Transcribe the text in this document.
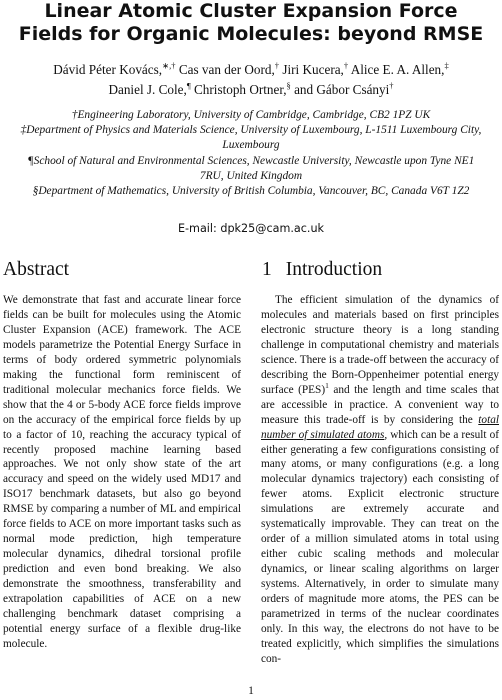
Linear Atomic Cluster Expansion Force Fields for Organic Molecules: beyond RMSE
Dávid Péter Kovács,∗,† Cas van der Oord,† Jiri Kucera,† Alice E. A. Allen,‡
Daniel J. Cole,¶ Christoph Ortner,§ and Gábor Csányi†

†Engineering Laboratory, University of Cambridge, Cambridge, CB2 1PZ UK

‡Department of Physics and Materials Science, University of Luxembourg, L-1511 Luxembourg City, Luxembourg

¶School of Natural and Environmental Sciences, Newcastle University, Newcastle upon Tyne NE1 7RU, United Kingdom

§Department of Mathematics, University of British Columbia, Vancouver, BC, Canada V6T 1Z2

E-mail: dpk25@cam.ac.uk
Abstract	1 Introduction

We demonstrate that fast and accurate linear force fields can be built for molecules using the Atomic Cluster Expansion (ACE) framework. The ACE models parametrize the Potential Energy Surface in terms of body ordered symmetric polynomials making the functional form reminiscent of traditional molecular mechanics force fields. We show that the 4 or 5-body ACE force fields improve on the accuracy of the empirical force fields by up to a factor of 10, reaching the accuracy typical of recently proposed machine learning based approaches. We not only show state of the art accuracy and speed on the widely used MD17 and ISO17 benchmark datasets, but also go beyond RMSE by comparing a number of ML and empirical force fields to ACE on more important tasks such as normal mode prediction, high temperature molecular dynamics, dihedral torsional profile prediction and even bond breaking. We also demonstrate the smoothness, transferability and extrapolation capabilities of ACE on a new challenging benchmark dataset comprising a potential energy surface of a flexible drug-like molecule.

The efficient simulation of the dynamics of molecules and materials based on first principles electronic structure theory is a long standing challenge in computational chemistry and materials science. There is a trade-off between the accuracy of describing the Born-Oppenheimer potential energy surface (PES)$^1$ and the length and time scales that are accessible in practice. A convenient way to measure this trade-off is by considering the total number of simulated atoms, which can be a result of either generating a few configurations consisting of many atoms, or many configurations (e.g. a long molecular dynamics trajectory) each consisting of fewer atoms. Explicit electronic structure simulations are extremely accurate and systematically improvable. They can treat on the order of a million simulated atoms in total using either cubic scaling methods and molecular dynamics, or linear scaling algorithms on larger systems. Alternatively, in order to simulate many orders of magnitude more atoms, the PES can be parametrized in terms of the nuclear coordinates only. In this way, the electrons do not have to be treated explicitly, which simplifies the simulations con-

1
